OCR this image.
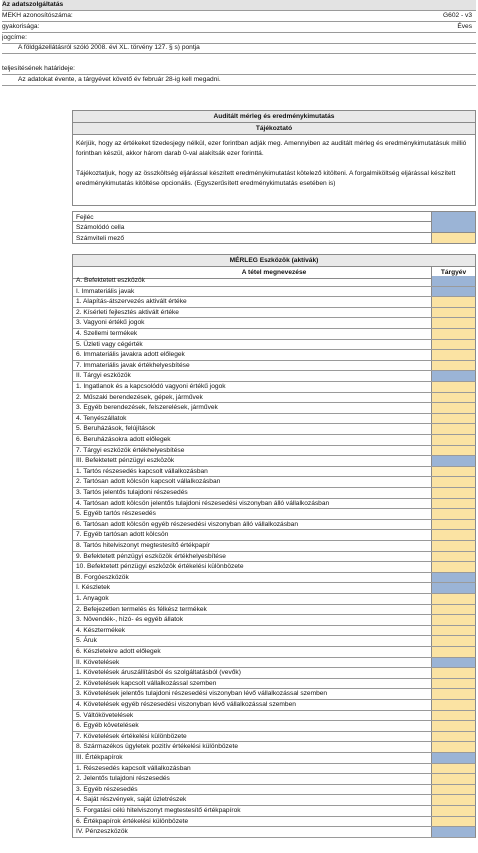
Az adatszolgáltatás
MEKH azonosítószáma:	G602 - v3
gyakorisága:	Éves
jogcíme:
A földgázellátásról szóló 2008. évi XL. törvény 127. § s) pontja
teljesítésének határideje:
Az adatokat évente, a tárgyévet követő év február 28-ig kell megadni.
Auditált mérleg és eredménykimutatás
Tájékoztató
Kérjük, hogy az értékeket tizedesjegy nélkül, ezer forintban adják meg. Amennyiben az auditált mérleg és eredménykimutatásuk millió forintban készül, akkor három darab 0-val alakítsák ezer forinttá.
Tájékoztatjuk, hogy az összköltség eljárással készített eredménykimutatást kötelező kitölteni. A forgalmiköltség eljárással készített eredménykimutatás kitöltése opcionális. (Egyszerűsített eredménykimutatás esetében is)
Fejléc
Számolódó cella
Számviteli mező
MÉRLEG Eszközök (aktívák)
A tétel megnevezése	Tárgyév
A. Befektetett eszközök
I. Immateriális javak
1. Alapítás-átszervezés aktivált értéke
2. Kísérleti fejlesztés aktivált értéke
3. Vagyoni értékű jogok
4. Szellemi termékek
5. Üzleti vagy cégérték
6. Immateriális javakra adott előlegek
7. Immateriális javak értékhelyesbítése
II. Tárgyi eszközök
1. Ingatlanok és a kapcsolódó vagyoni értékű jogok
2. Műszaki berendezések, gépek, járművek
3. Egyéb berendezések, felszerelések, járművek
4. Tenyészállatok
5. Beruházások, felújítások
6. Beruházásokra adott előlegek
7. Tárgyi eszközök értékhelyesbítése
III. Befektetett pénzügyi eszközök
1. Tartós részesedés kapcsolt vállalkozásban
2. Tartósan adott kölcsön kapcsolt vállalkozásban
3. Tartós jelentős tulajdoni részesedés
4. Tartósan adott kölcsön jelentős tulajdoni részesedési viszonyban álló vállalkozásban
5. Egyéb tartós részesedés
6. Tartósan adott kölcsön egyéb részesedési viszonyban álló vállalkozásban
7. Egyéb tartósan adott kölcsön
8. Tartós hitelviszonyt megtestesítő értékpapír
9. Befektetett pénzügyi eszközök értékhelyesbítése
10. Befektetett pénzügyi eszközök értékelési különbözete
B. Forgóeszközök
I. Készletek
1. Anyagok
2. Befejezetlen termelés és félkész termékek
3. Növendék-, hízó- és egyéb állatok
4. Késztermékek
5. Áruk
6. Készletekre adott előlegek
II. Követelések
1. Követelések áruszállításból és szolgáltatásból (vevők)
2. Követelések kapcsolt vállalkozással szemben
3. Követelések jelentős tulajdoni részesedési viszonyban lévő vállalkozással szemben
4. Követelések egyéb részesedési viszonyban lévő vállalkozással szemben
5. Váltókövetelések
6. Egyéb követelések
7. Követelések értékelési különbözete
8. Származékos ügyletek pozitív értékelési különbözete
III. Értékpapírok
1. Részesedés kapcsolt vállalkozásban
2. Jelentős tulajdoni részesedés
3. Egyéb részesedés
4. Saját részvények, saját üzletrészek
5. Forgatási célú hitelviszonyt megtestesítő értékpapírok
6. Értékpapírok értékelési különbözete
IV. Pénzeszközök
